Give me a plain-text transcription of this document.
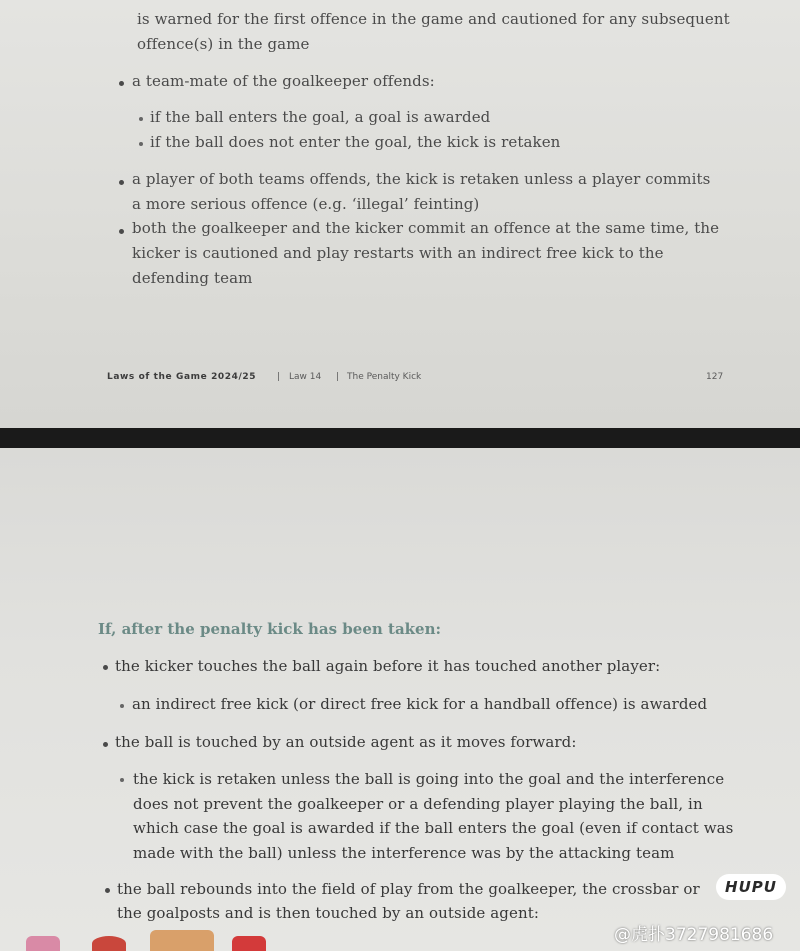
is warned for the first offence in the game and cautioned for any subsequent
offence(s) in the game
a team-mate of the goalkeeper offends:
if the ball enters the goal, a goal is awarded
if the ball does not enter the goal, the kick is retaken
a player of both teams offends, the kick is retaken unless a player commits
a more serious offence (e.g. ‘illegal’ feinting)
both the goalkeeper and the kicker commit an offence at the same time, the
kicker is cautioned and play restarts with an indirect free kick to the
defending team
Laws of the Game 2024/25 | Law 14 | The Penalty Kick	127
If, after the penalty kick has been taken:
the kicker touches the ball again before it has touched another player:
an indirect free kick (or direct free kick for a handball offence) is awarded
the ball is touched by an outside agent as it moves forward:
the kick is retaken unless the ball is going into the goal and the interference
does not prevent the goalkeeper or a defending player playing the ball, in
which case the goal is awarded if the ball enters the goal (even if contact was
made with the ball) unless the interference was by the attacking team
the ball rebounds into the field of play from the goalkeeper, the crossbar or
the goalposts and is then touched by an outside agent:
HUPU
@虎扑3727981686
